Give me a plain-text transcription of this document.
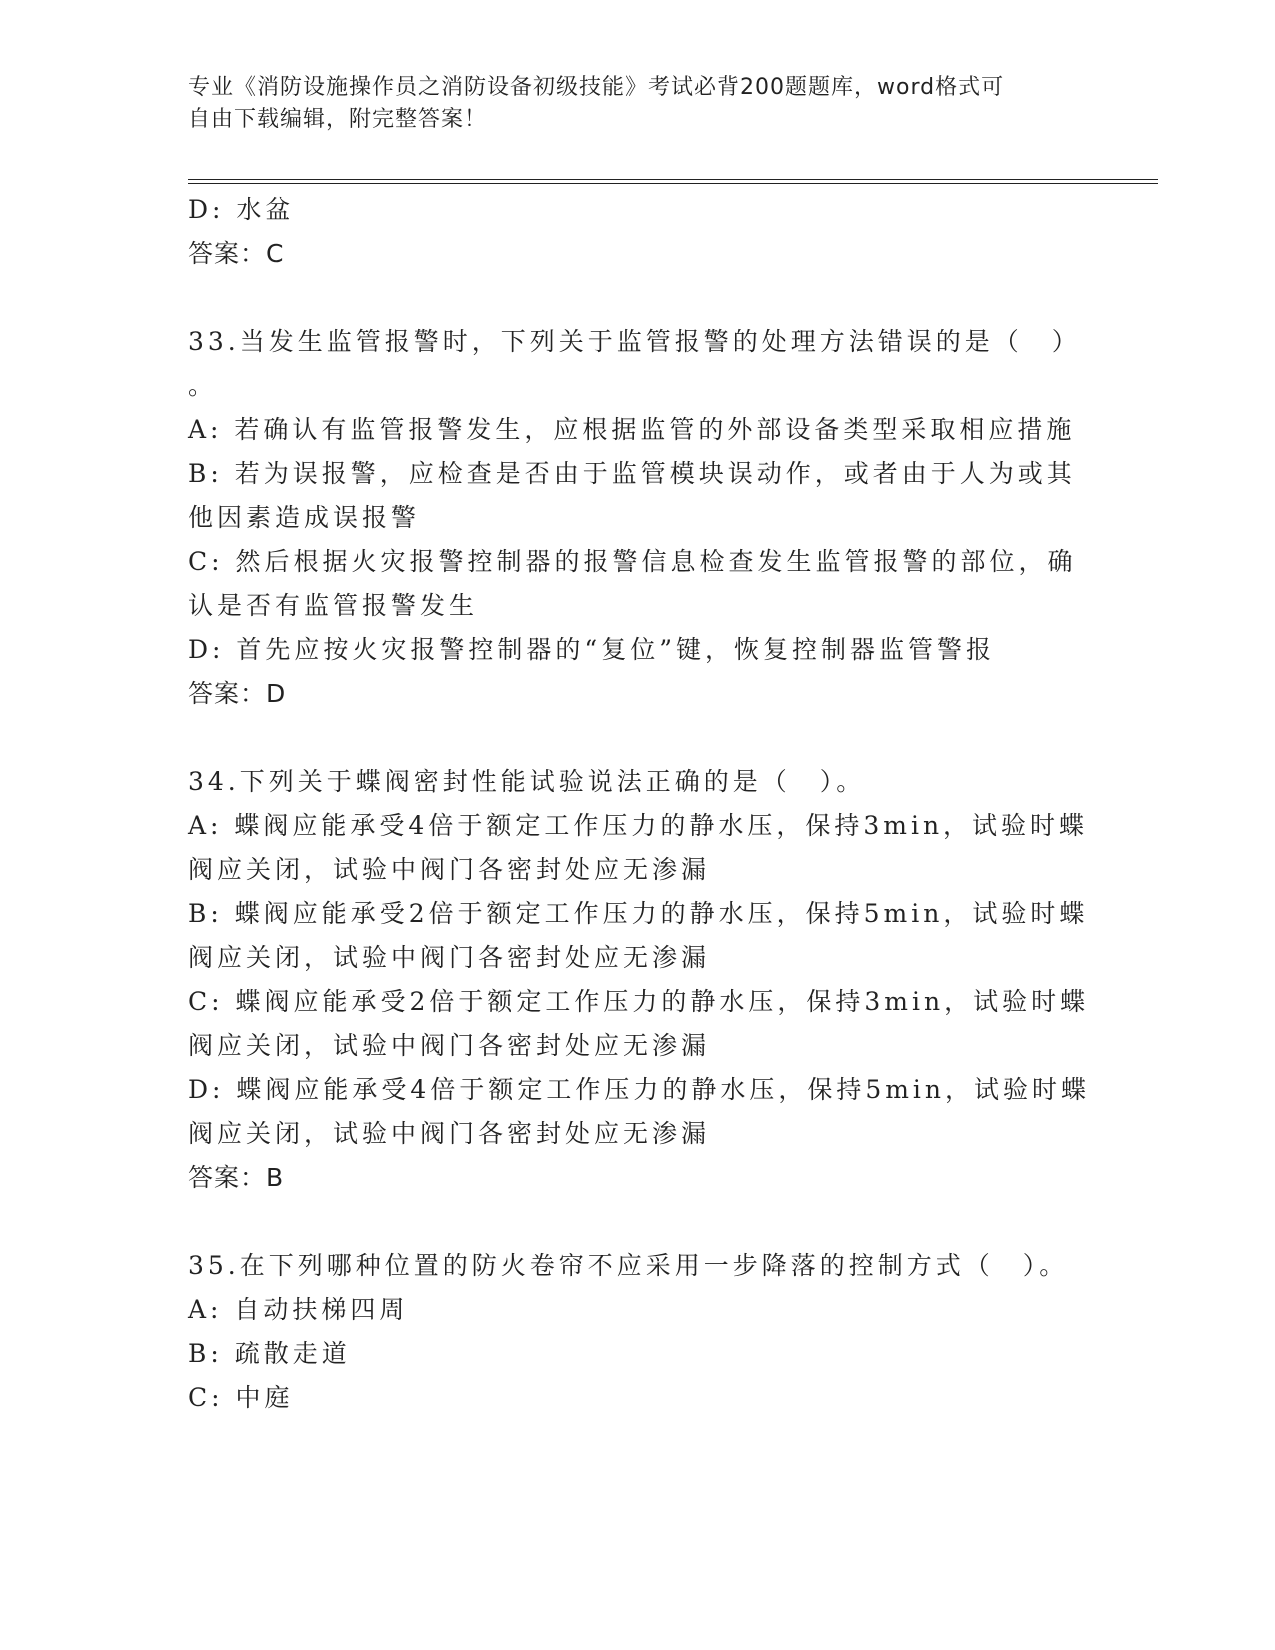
专业《消防设施操作员之消防设备初级技能》考试必背200题题库，word格式可
自由下载编辑，附完整答案！
D: 水盆
答案：C
33.当发生监管报警时，下列关于监管报警的处理方法错误的是（　）
。
A: 若确认有监管报警发生，应根据监管的外部设备类型采取相应措施
B: 若为误报警，应检查是否由于监管模块误动作，或者由于人为或其
他因素造成误报警
C: 然后根据火灾报警控制器的报警信息检查发生监管报警的部位，确
认是否有监管报警发生
D: 首先应按火灾报警控制器的“复位”键，恢复控制器监管警报
答案：D
34.下列关于蝶阀密封性能试验说法正确的是（　）。
A: 蝶阀应能承受4倍于额定工作压力的静水压，保持3min，试验时蝶
阀应关闭，试验中阀门各密封处应无渗漏
B: 蝶阀应能承受2倍于额定工作压力的静水压，保持5min，试验时蝶
阀应关闭，试验中阀门各密封处应无渗漏
C: 蝶阀应能承受2倍于额定工作压力的静水压，保持3min，试验时蝶
阀应关闭，试验中阀门各密封处应无渗漏
D: 蝶阀应能承受4倍于额定工作压力的静水压，保持5min，试验时蝶
阀应关闭，试验中阀门各密封处应无渗漏
答案：B
35.在下列哪种位置的防火卷帘不应采用一步降落的控制方式（　）。
A: 自动扶梯四周
B: 疏散走道
C: 中庭
